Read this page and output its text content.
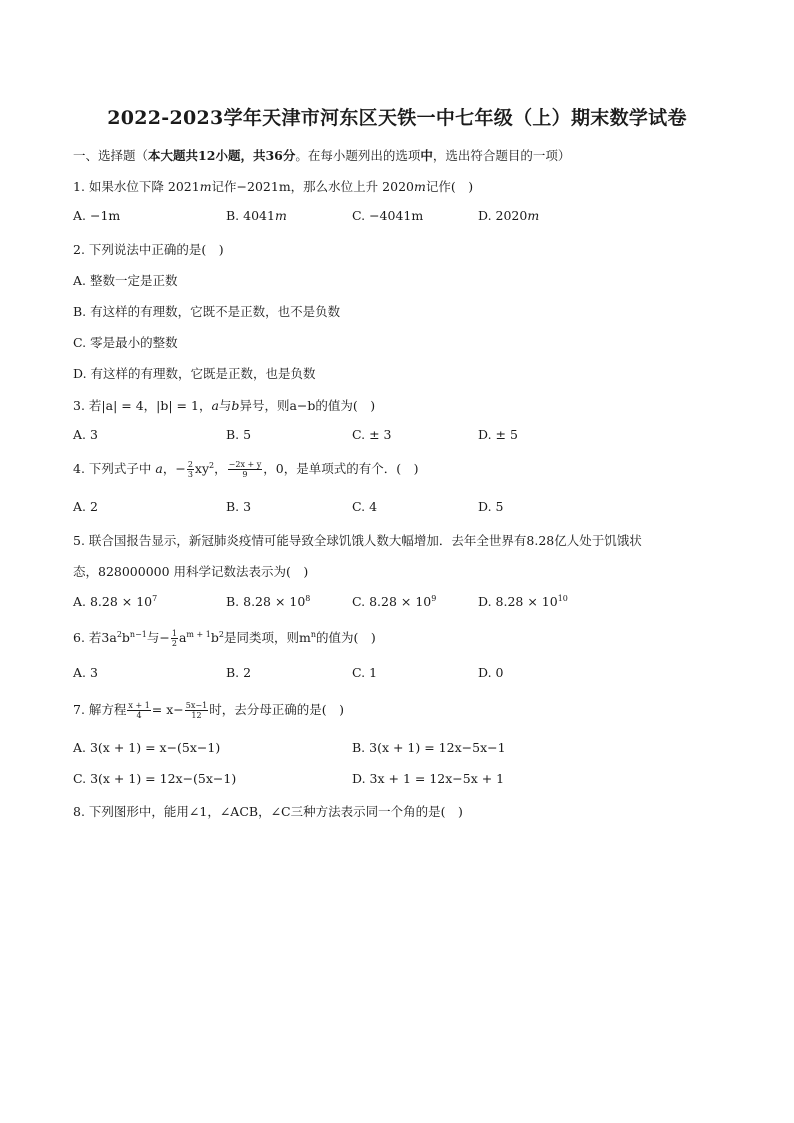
2022-2023学年天津市河东区天铁一中七年级（上）期末数学试卷
一、选择题（本大题共12小题，共36分。在每小题列出的选项中，选出符合题目的一项）
1. 如果水位下降 2021m记作−2021m，那么水位上升 2020m记作(　)
A. −1m	B. 4041m	C. −4041m	D. 2020m
2. 下列说法中正确的是(　)
A. 整数一定是正数
B. 有这样的有理数，它既不是正数，也不是负数
C. 零是最小的整数
D. 有这样的有理数，它既是正数，也是负数
3. 若|a| = 4，|b| = 1，a与b异号，则a−b的值为(　)
A. 3	B. 5	C. ± 3	D. ± 5
4. 下列式子中 a，− $\frac{2}{3} xy^2$， $\frac{-2x + y}{9}$ ，0，是单项式的有个．(　)
A. 2	B. 3	C. 4	D. 5
5. 联合国报告显示，新冠肺炎疫情可能导致全球饥饿人数大幅增加．去年全世界有8.28亿人处于饥饿状
态，828000000 用科学记数法表示为(　)
A. $8.28 \times 10^7$	B. $8.28 \times 10^8$	C. $8.28 \times 10^9$	D. $8.28 \times 10^{10}$
6. 若$3a^2b^{n-1}$与− $\frac{1}{2} a^{m + 1}b^2$是同类项，则$m^n$的值为(　)
A. 3	B. 2	C. 1	D. 0
7. 解方程 $\frac{x + 1}{4} = x- \frac{5x-1}{12}$ 时，去分母正确的是(　)
A. 3(x + 1) = x−(5x−1)	B. 3(x + 1) = 12x−5x−1
C. 3(x + 1) = 12x−(5x−1)	D. 3x + 1 = 12x−5x + 1
8. 下列图形中，能用∠1，∠ACB，∠C三种方法表示同一个角的是(　)
